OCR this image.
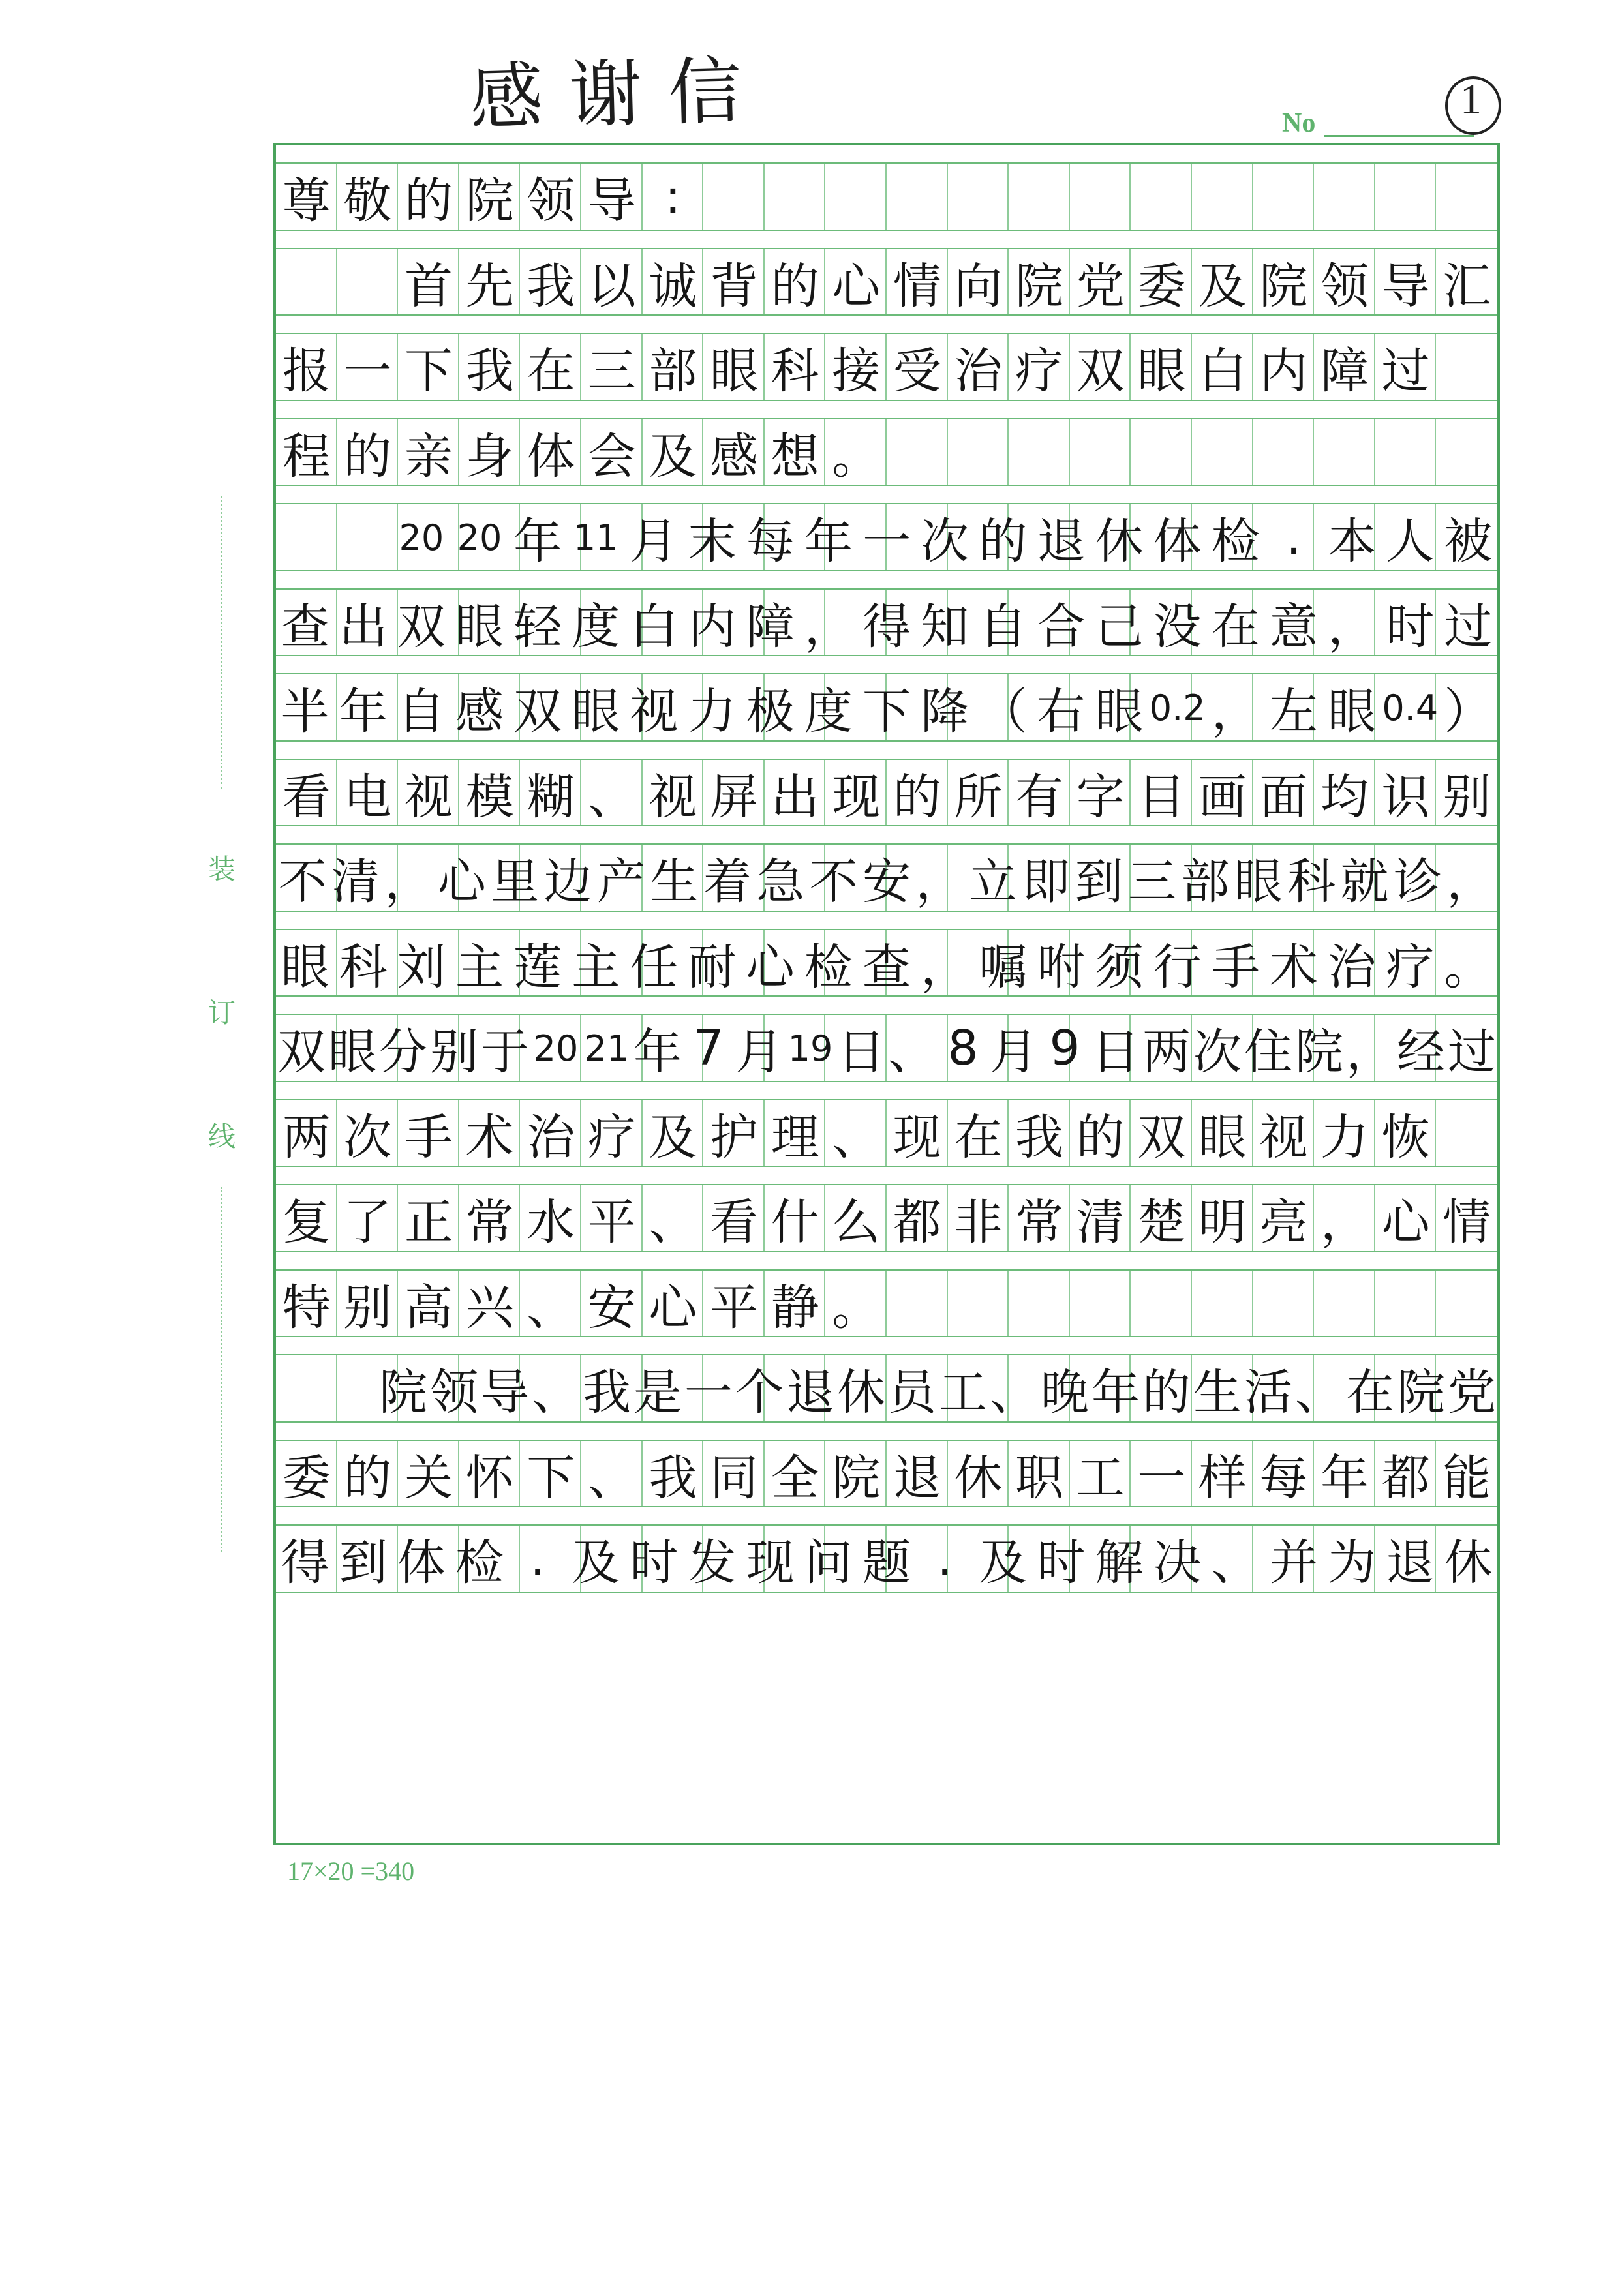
感谢信	No	1
装
订
线
尊 敬 的 院 领 导 :
首 先 我 以 诚 背 的 心 情 向 院 党 委 及 院 领 导 汇
报 一 下 我 在 三 部 眼 科 接 受 治 疗 双 眼 白 内 障 过
程 的 亲 身 体 会 及 感 想 。
20 20 年 11 月 末 每 年 一 次 的 退 休 体 检 . 本 人 被
查 出 双 眼 轻 度 白 内 障 ， 得 知 自 合 己 没 在 意 ， 时 过
半 年 自 感 双 眼 视 力 极 度 下 降 （ 右 眼 0.2 ， 左 眼 0.4 ）
看 电 视 模 糊 、 视 屏 出 现 的 所 有 字 目 画 面 均 识 别
不 清 ， 心 里 边 产 生 着 急 不 安 ， 立 即 到 三 部 眼 科 就 诊 ，
眼 科 刘 主 莲 主 任 耐 心 检 查 ， 嘱 咐 须 行 手 术 治 疗 。
双 眼 分 别 于 20 21 年 7 月 19 日 、 8 月 9 日 两 次 住 院 ， 经 过
两 次 手 术 治 疗 及 护 理 、 现 在 我 的 双 眼 视 力 恢
复 了 正 常 水 平 、 看 什 么 都 非 常 清 楚 明 亮 ， 心 情
特 别 高 兴 、 安 心 平 静 。
院 领 导 、 我 是 一 个 退 休 员 工 、 晚 年 的 生 活 、 在 院 党
委 的 关 怀 下 、 我 同 全 院 退 休 职 工 一 样 每 年 都 能
得 到 体 检 . 及 时 发 现 问 题 . 及 时 解 决 、 并 为 退 休
17×20 =340
